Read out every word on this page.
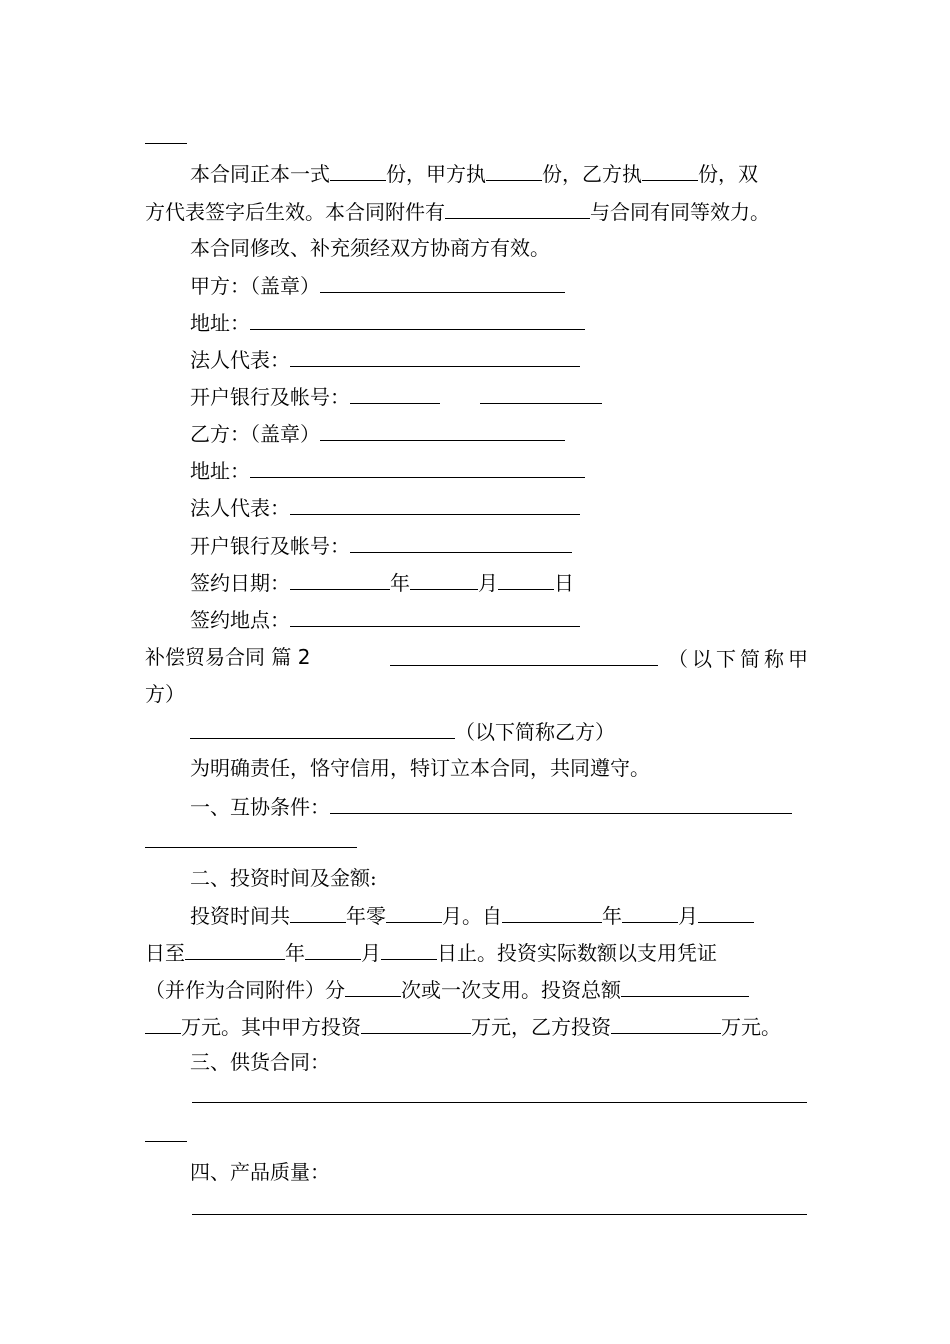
本合同正本一式	份，甲方执	份，乙方执	份，双
方代表签字后生效。本合同附件有	与合同有同等效力。
本合同修改、补充须经双方协商方有效。
甲方：（盖章）
地址：
法人代表：
开户银行及帐号：
乙方：（盖章）
地址：
法人代表：
开户银行及帐号：
签约日期：	年	月	日
签约地点：
补偿贸易合同 篇 2	（以下简称甲
方）
（以下简称乙方）
为明确责任，恪守信用，特订立本合同，共同遵守。
一、互协条件：
二、投资时间及金额:
投资时间共	年零	月。自	年	月
日至	年	月	日止。投资实际数额以支用凭证
（并作为合同附件）分	次或一次支用。投资总额
万元。其中甲方投资	万元，乙方投资	万元。
三、供货合同：
四、产品质量：
